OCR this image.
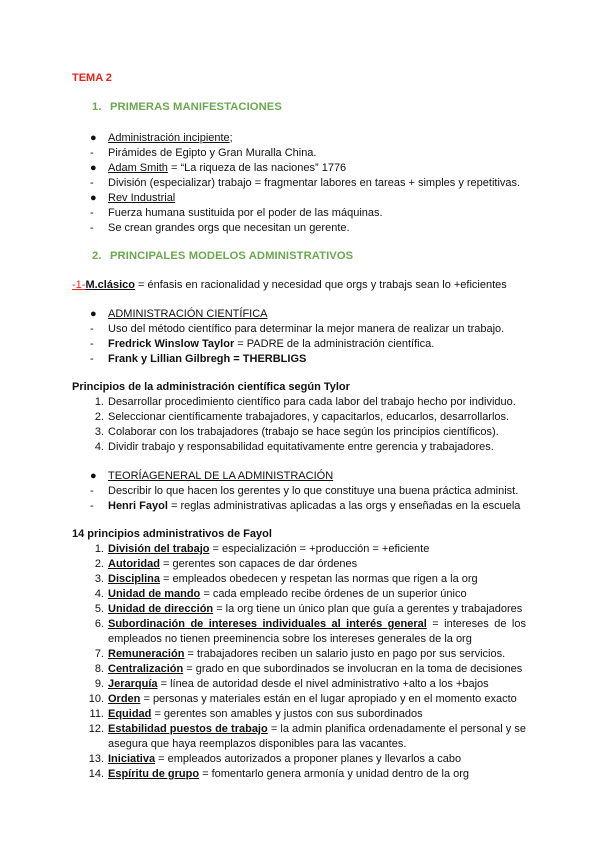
TEMA 2
1. PRIMERAS MANIFESTACIONES
●	Administración incipiente;
-	Pirámides de Egipto y Gran Muralla China.
●	Adam Smith = “La riqueza de las naciones” 1776
-	División (especializar) trabajo = fragmentar labores en tareas + simples y repetitivas.
●	Rev Industrial
-	Fuerza humana sustituida por el poder de las máquinas.
-	Se crean grandes orgs que necesitan un gerente.
2. PRINCIPALES MODELOS ADMINISTRATIVOS
-1-M.clásico = énfasis en racionalidad y necesidad que orgs y trabajs sean lo +eficientes
●	ADMINISTRACIÓN CIENTÍFICA
-	Uso del método científico para determinar la mejor manera de realizar un trabajo.
-	Fredrick Winslow Taylor = PADRE de la administración científica.
-	Frank y Lillian Gilbregh = THERBLIGS
Principios de la administración científica según Tylor
1. Desarrollar procedimiento científico para cada labor del trabajo hecho por individuo.
2. Seleccionar científicamente trabajadores, y capacitarlos, educarlos, desarrollarlos.
3. Colaborar con los trabajadores (trabajo se hace según los principios científicos).
4. Dividir trabajo y responsabilidad equitativamente entre gerencia y trabajadores.
●	TEORÍAGENERAL DE LA ADMINISTRACIÓN
-	Describir lo que hacen los gerentes y lo que constituye una buena práctica administ.
-	Henri Fayol = reglas administrativas aplicadas a las orgs y enseñadas en la escuela
14 principios administrativos de Fayol
1. División del trabajo = especialización = +producción = +eficiente
2. Autoridad = gerentes son capaces de dar órdenes
3. Disciplina = empleados obedecen y respetan las normas que rigen a la org
4. Unidad de mando = cada empleado recibe órdenes de un superior único
5. Unidad de dirección = la org tiene un único plan que guía a gerentes y trabajadores
6. Subordinación de intereses individuales al interés general = intereses de los empleados no tienen preeminencia sobre los intereses generales de la org
7. Remuneración = trabajadores reciben un salario justo en pago por sus servicios.
8. Centralización = grado en que subordinados se involucran en la toma de decisiones
9. Jerarquía = línea de autoridad desde el nivel administrativo +alto a los +bajos
10. Orden = personas y materiales están en el lugar apropiado y en el momento exacto
11. Equidad = gerentes son amables y justos con sus subordinados
12. Estabilidad puestos de trabajo = la admin planifica ordenadamente el personal y se asegura que haya reemplazos disponibles para las vacantes.
13. Iniciativa = empleados autorizados a proponer planes y llevarlos a cabo
14. Espíritu de grupo = fomentarlo genera armonía y unidad dentro de la org
